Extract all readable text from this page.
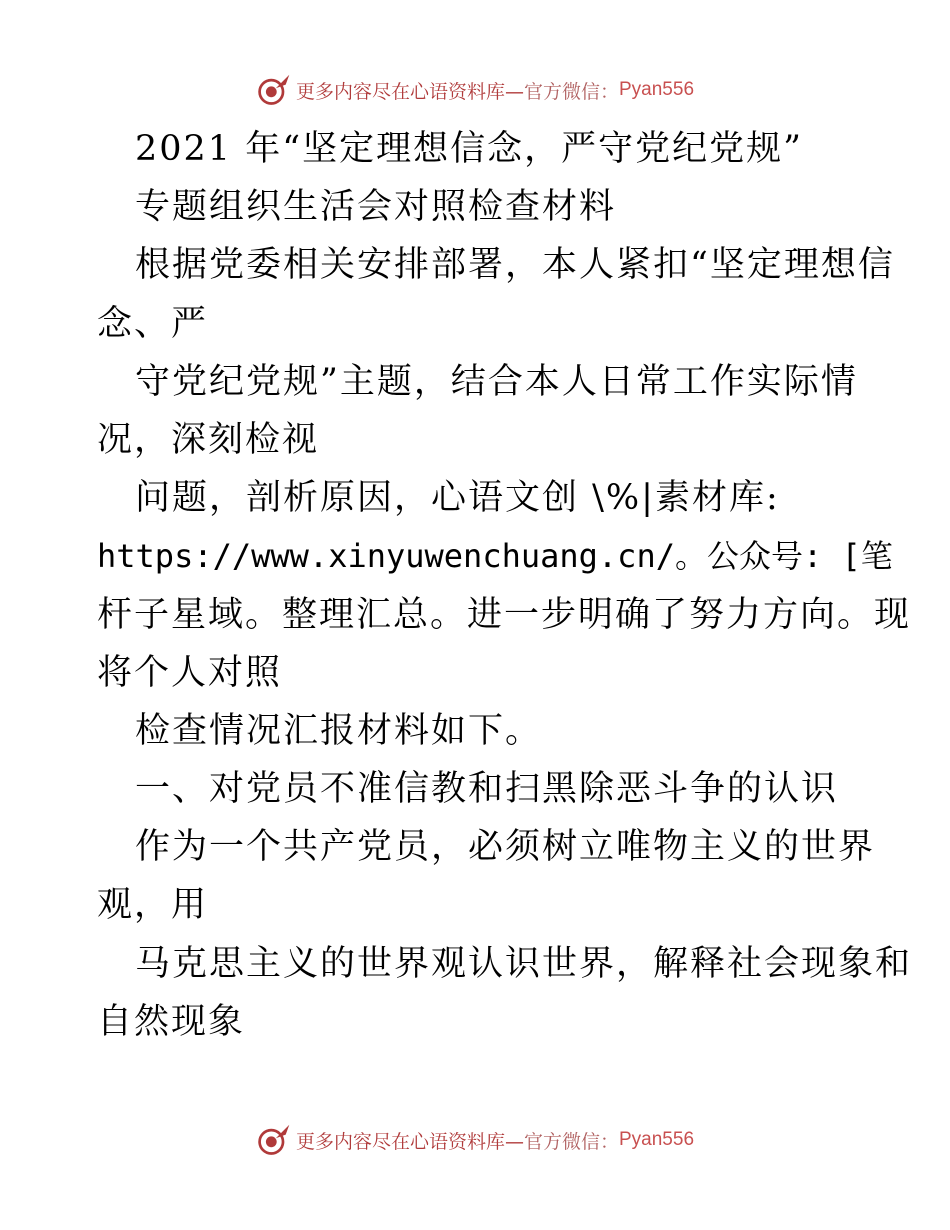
更多内容尽在心语资料库— 官方微信： Pyan556
2021 年“坚定理想信念，严守党纪党规”
专题组织生活会对照检查材料
根据党委相关安排部署，本人紧扣“坚定理想信
念、严
守党纪党规”主题，结合本人日常工作实际情
况，深刻检视
问题，剖析原因，心语文创 \%|素材库:
https://www.xinyuwenchuang.cn/。公众号: [笔
杆子星域。整理汇总。进一步明确了努力方向。现
将个人对照
检查情况汇报材料如下。
一、对党员不准信教和扫黑除恶斗争的认识
作为一个共产党员，必须树立唯物主义的世界
观，用
马克思主义的世界观认识世界，解释社会现象和
自然现象
更多内容尽在心语资料库— 官方微信： Pyan556
